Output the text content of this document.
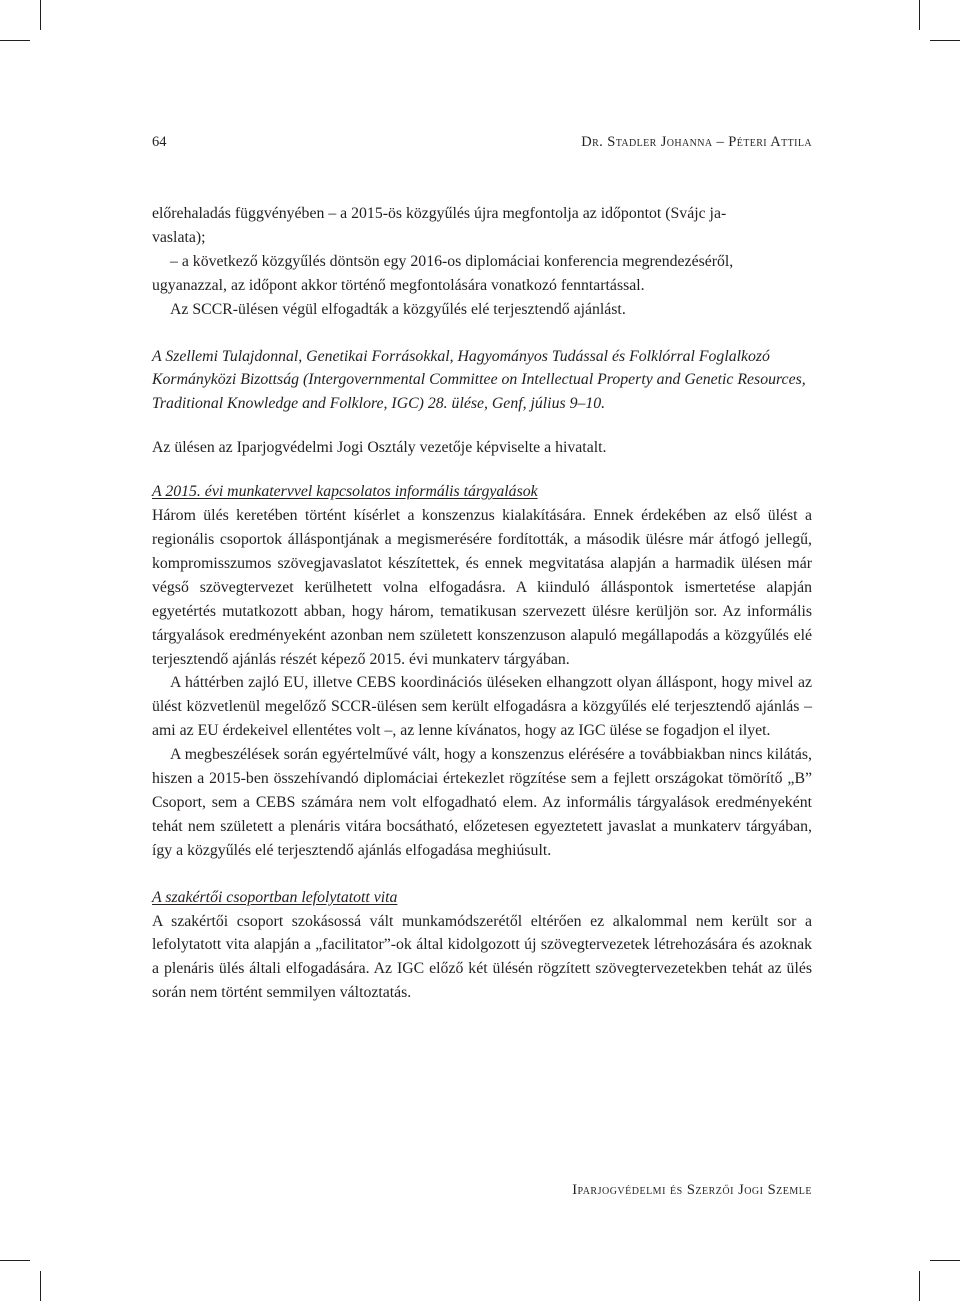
64	Dr. Stadler Johanna – Péteri Attila

előrehaladás függvényében – a 2015-ös közgyűlés újra megfontolja az időpontot (Svájc ja-

vaslata);

– a következő közgyűlés döntsön egy 2016-os diplomáciai konferencia megrendezéséről,

ugyanazzal, az időpont akkor történő megfontolására vonatkozó fenntartással.

Az SCCR-ülésen végül elfogadták a közgyűlés elé terjesztendő ajánlást.

A Szellemi Tulajdonnal, Genetikai Forrásokkal, Hagyományos Tudással és Folklórral Foglalkozó Kormányközi Bizottság (Intergovernmental Committee on Intellectual Property and Genetic Resources, Traditional Knowledge and Folklore, IGC) 28. ülése, Genf, július 9–10.

Az ülésen az Iparjogvédelmi Jogi Osztály vezetője képviselte a hivatalt.

A 2015. évi munkatervvel kapcsolatos informális tárgyalások

Három ülés keretében történt kísérlet a konszenzus kialakítására. Ennek érdekében az első ülést a regionális csoportok álláspontjának a megismerésére fordították, a második ülésre már átfogó jellegű, kompromisszumos szövegjavaslatot készítettek, és ennek megvitatása alapján a harmadik ülésen már végső szövegtervezet kerülhetett volna elfogadásra. A kiinduló álláspontok ismertetése alapján egyetértés mutatkozott abban, hogy három, tematikusan szervezett ülésre kerüljön sor. Az informális tárgyalások eredményeként azonban nem született konszenzuson alapuló megállapodás a közgyűlés elé terjesztendő ajánlás részét képező 2015. évi munkaterv tárgyában.

A háttérben zajló EU, illetve CEBS koordinációs üléseken elhangzott olyan álláspont, hogy mivel az ülést közvetlenül megelőző SCCR-ülésen sem került elfogadásra a közgyűlés elé terjesztendő ajánlás – ami az EU érdekeivel ellentétes volt –, az lenne kívánatos, hogy az IGC ülése se fogadjon el ilyet.

A megbeszélések során egyértelművé vált, hogy a konszenzus elérésére a továbbiakban nincs kilátás, hiszen a 2015-ben összehívandó diplomáciai értekezlet rögzítése sem a fejlett országokat tömörítő „B” Csoport, sem a CEBS számára nem volt elfogadható elem. Az informális tárgyalások eredményeként tehát nem született a plenáris vitára bocsátható, előzetesen egyeztetett javaslat a munkaterv tárgyában, így a közgyűlés elé terjesztendő ajánlás elfogadása meghiúsult.

A szakértői csoportban lefolytatott vita

A szakértői csoport szokásossá vált munkamódszerétől eltérően ez alkalommal nem került sor a lefolytatott vita alapján a „facilitator”-ok által kidolgozott új szövegtervezetek létrehozására és azoknak a plenáris ülés általi elfogadására. Az IGC előző két ülésén rögzített szövegtervezetekben tehát az ülés során nem történt semmilyen változtatás.

Iparjogvédelmi és Szerzői Jogi Szemle
